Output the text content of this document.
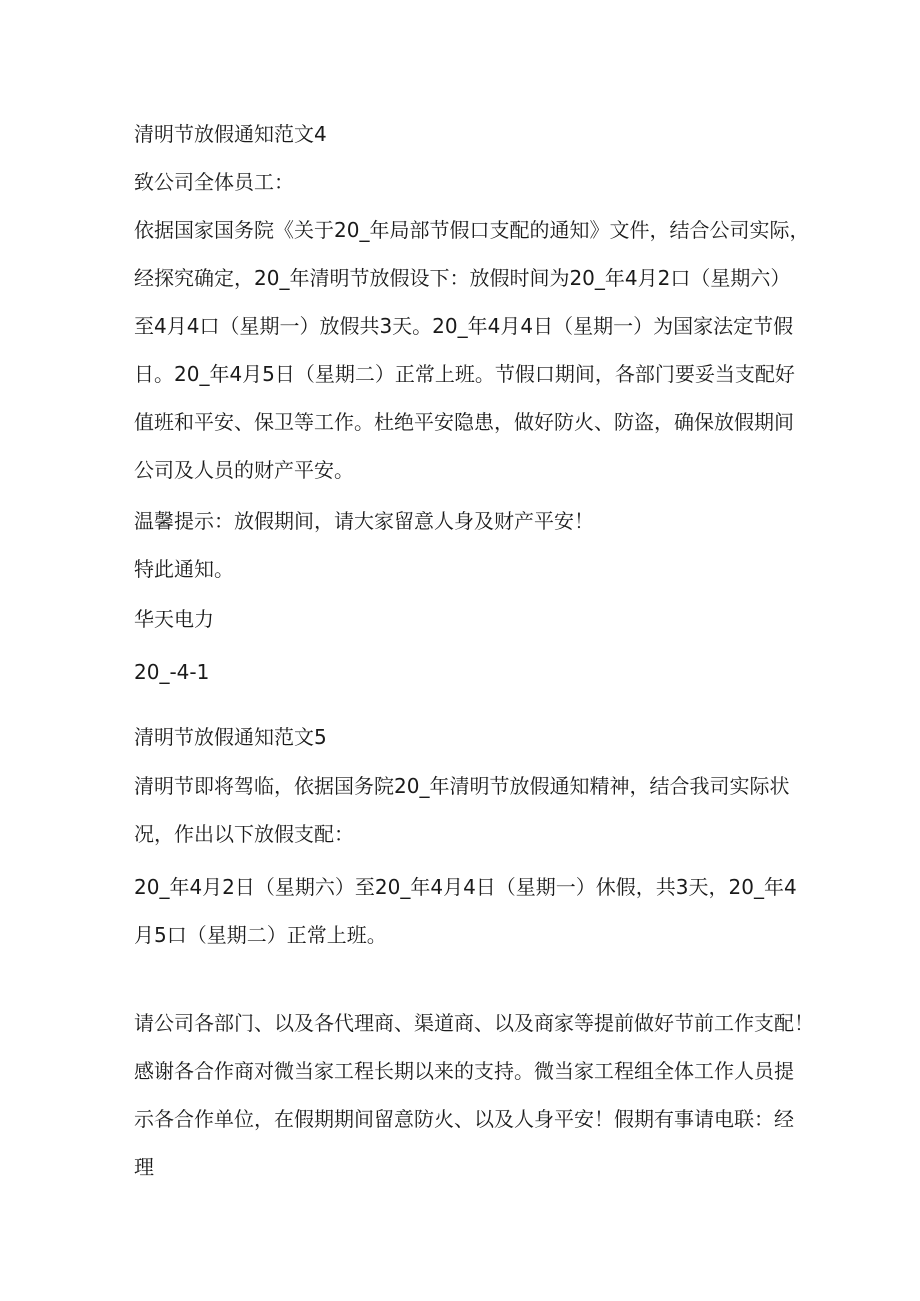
清明节放假通知范文4
致公司全体员工：
依据国家国务院《关于20_年局部节假口支配的通知》文件，结合公司实际，
经探究确定，20_年清明节放假设下：放假时间为20_年4月2口（星期六）
至4月4口（星期一）放假共3天。20_年4月4日（星期一）为国家法定节假
日。20_年4月5日（星期二）正常上班。节假口期间，各部门要妥当支配好
值班和平安、保卫等工作。杜绝平安隐患，做好防火、防盗，确保放假期间
公司及人员的财产平安。
温馨提示：放假期间，请大家留意人身及财产平安！
特此通知。
华天电力
20_-4-1
清明节放假通知范文5
清明节即将驾临，依据国务院20_年清明节放假通知精神，结合我司实际状
况，作出以下放假支配：
20_年4月2日（星期六）至20_年4月4日（星期一）休假，共3天，20_年4
月5口（星期二）正常上班。
请公司各部门、以及各代理商、渠道商、以及商家等提前做好节前工作支配！
感谢各合作商对微当家工程长期以来的支持。微当家工程组全体工作人员提
示各合作单位，在假期期间留意防火、以及人身平安！假期有事请电联：经
理
